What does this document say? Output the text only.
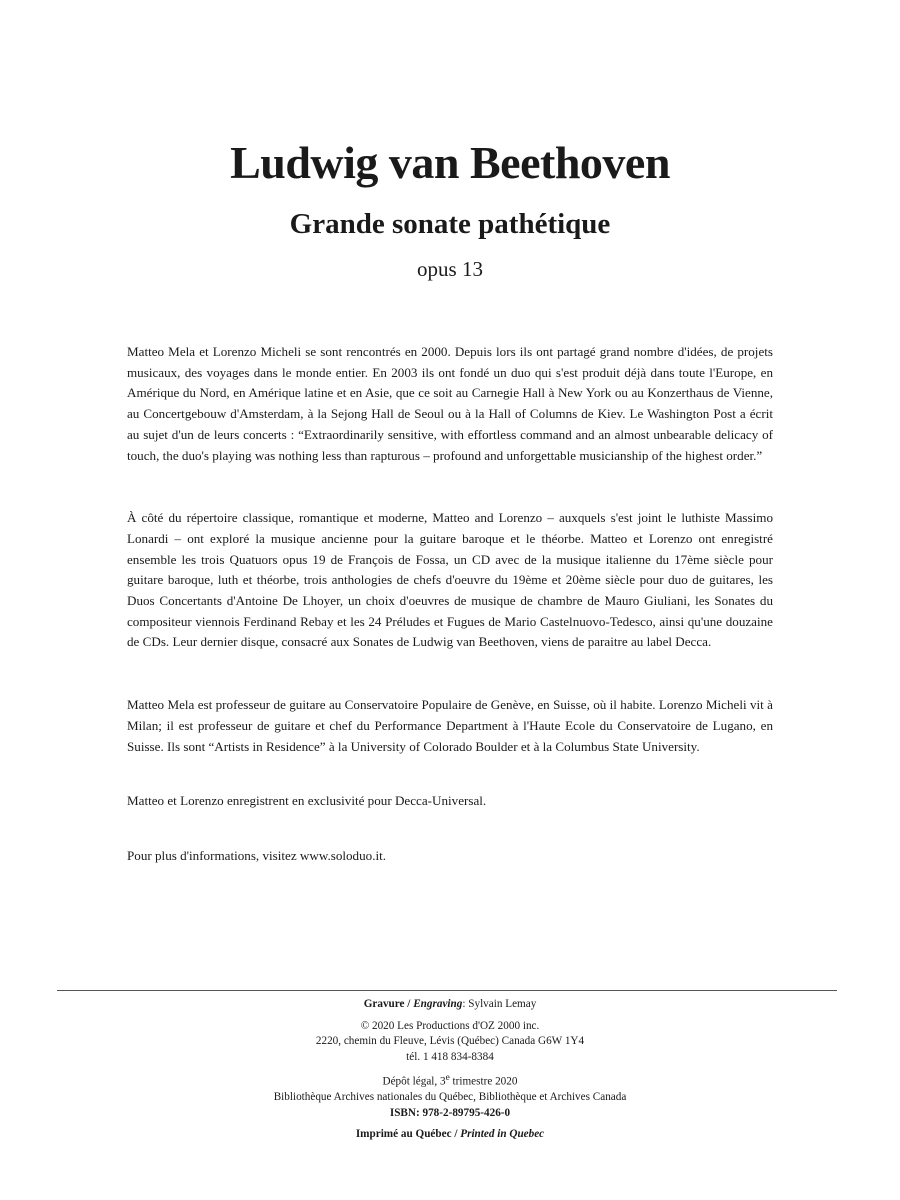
Ludwig van Beethoven
Grande sonate pathétique
opus 13

Matteo Mela et Lorenzo Micheli se sont rencontrés en 2000. Depuis lors ils ont partagé grand nombre d'idées, de projets musicaux, des voyages dans le monde entier. En 2003 ils ont fondé un duo qui s'est produit déjà dans toute l'Europe, en Amérique du Nord, en Amérique latine et en Asie, que ce soit au Carnegie Hall à New York ou au Konzerthaus de Vienne, au Concertgebouw d'Amsterdam, à la Sejong Hall de Seoul ou à la Hall of Columns de Kiev. Le Washington Post a écrit au sujet d'un de leurs concerts : “Extraordinarily sensitive, with effortless command and an almost unbearable delicacy of touch, the duo's playing was nothing less than rapturous – profound and unforgettable musicianship of the highest order.”

À côté du répertoire classique, romantique et moderne, Matteo and Lorenzo – auxquels s'est joint le luthiste Massimo Lonardi – ont exploré la musique ancienne pour la guitare baroque et le théorbe. Matteo et Lorenzo ont enregistré ensemble les trois Quatuors opus 19 de François de Fossa, un CD avec de la musique italienne du 17ème siècle pour guitare baroque, luth et théorbe, trois anthologies de chefs d'oeuvre du 19ème et 20ème siècle pour duo de guitares, les Duos Concertants d'Antoine De Lhoyer, un choix d'oeuvres de musique de chambre de Mauro Giuliani, les Sonates du compositeur viennois Ferdinand Rebay et les 24 Préludes et Fugues de Mario Castelnuovo-Tedesco, ainsi qu'une douzaine de CDs. Leur dernier disque, consacré aux Sonates de Ludwig van Beethoven, viens de paraitre au label Decca.

Matteo Mela est professeur de guitare au Conservatoire Populaire de Genève, en Suisse, où il habite. Lorenzo Micheli vit à Milan; il est professeur de guitare et chef du Performance Department à l'Haute Ecole du Conservatoire de Lugano, en Suisse. Ils sont “Artists in Residence” à la University of Colorado Boulder et à la Columbus State University.

Matteo et Lorenzo enregistrent en exclusivité pour Decca-Universal.

Pour plus d'informations, visitez www.soloduo.it.

Gravure / Engraving: Sylvain Lemay
© 2020 Les Productions d'OZ 2000 inc.
2220, chemin du Fleuve, Lévis (Québec) Canada G6W 1Y4
tél. 1 418 834-8384
Dépôt légal, 3e trimestre 2020
Bibliothèque Archives nationales du Québec, Bibliothèque et Archives Canada
ISBN: 978-2-89795-426-0
Imprimé au Québec / Printed in Quebec
